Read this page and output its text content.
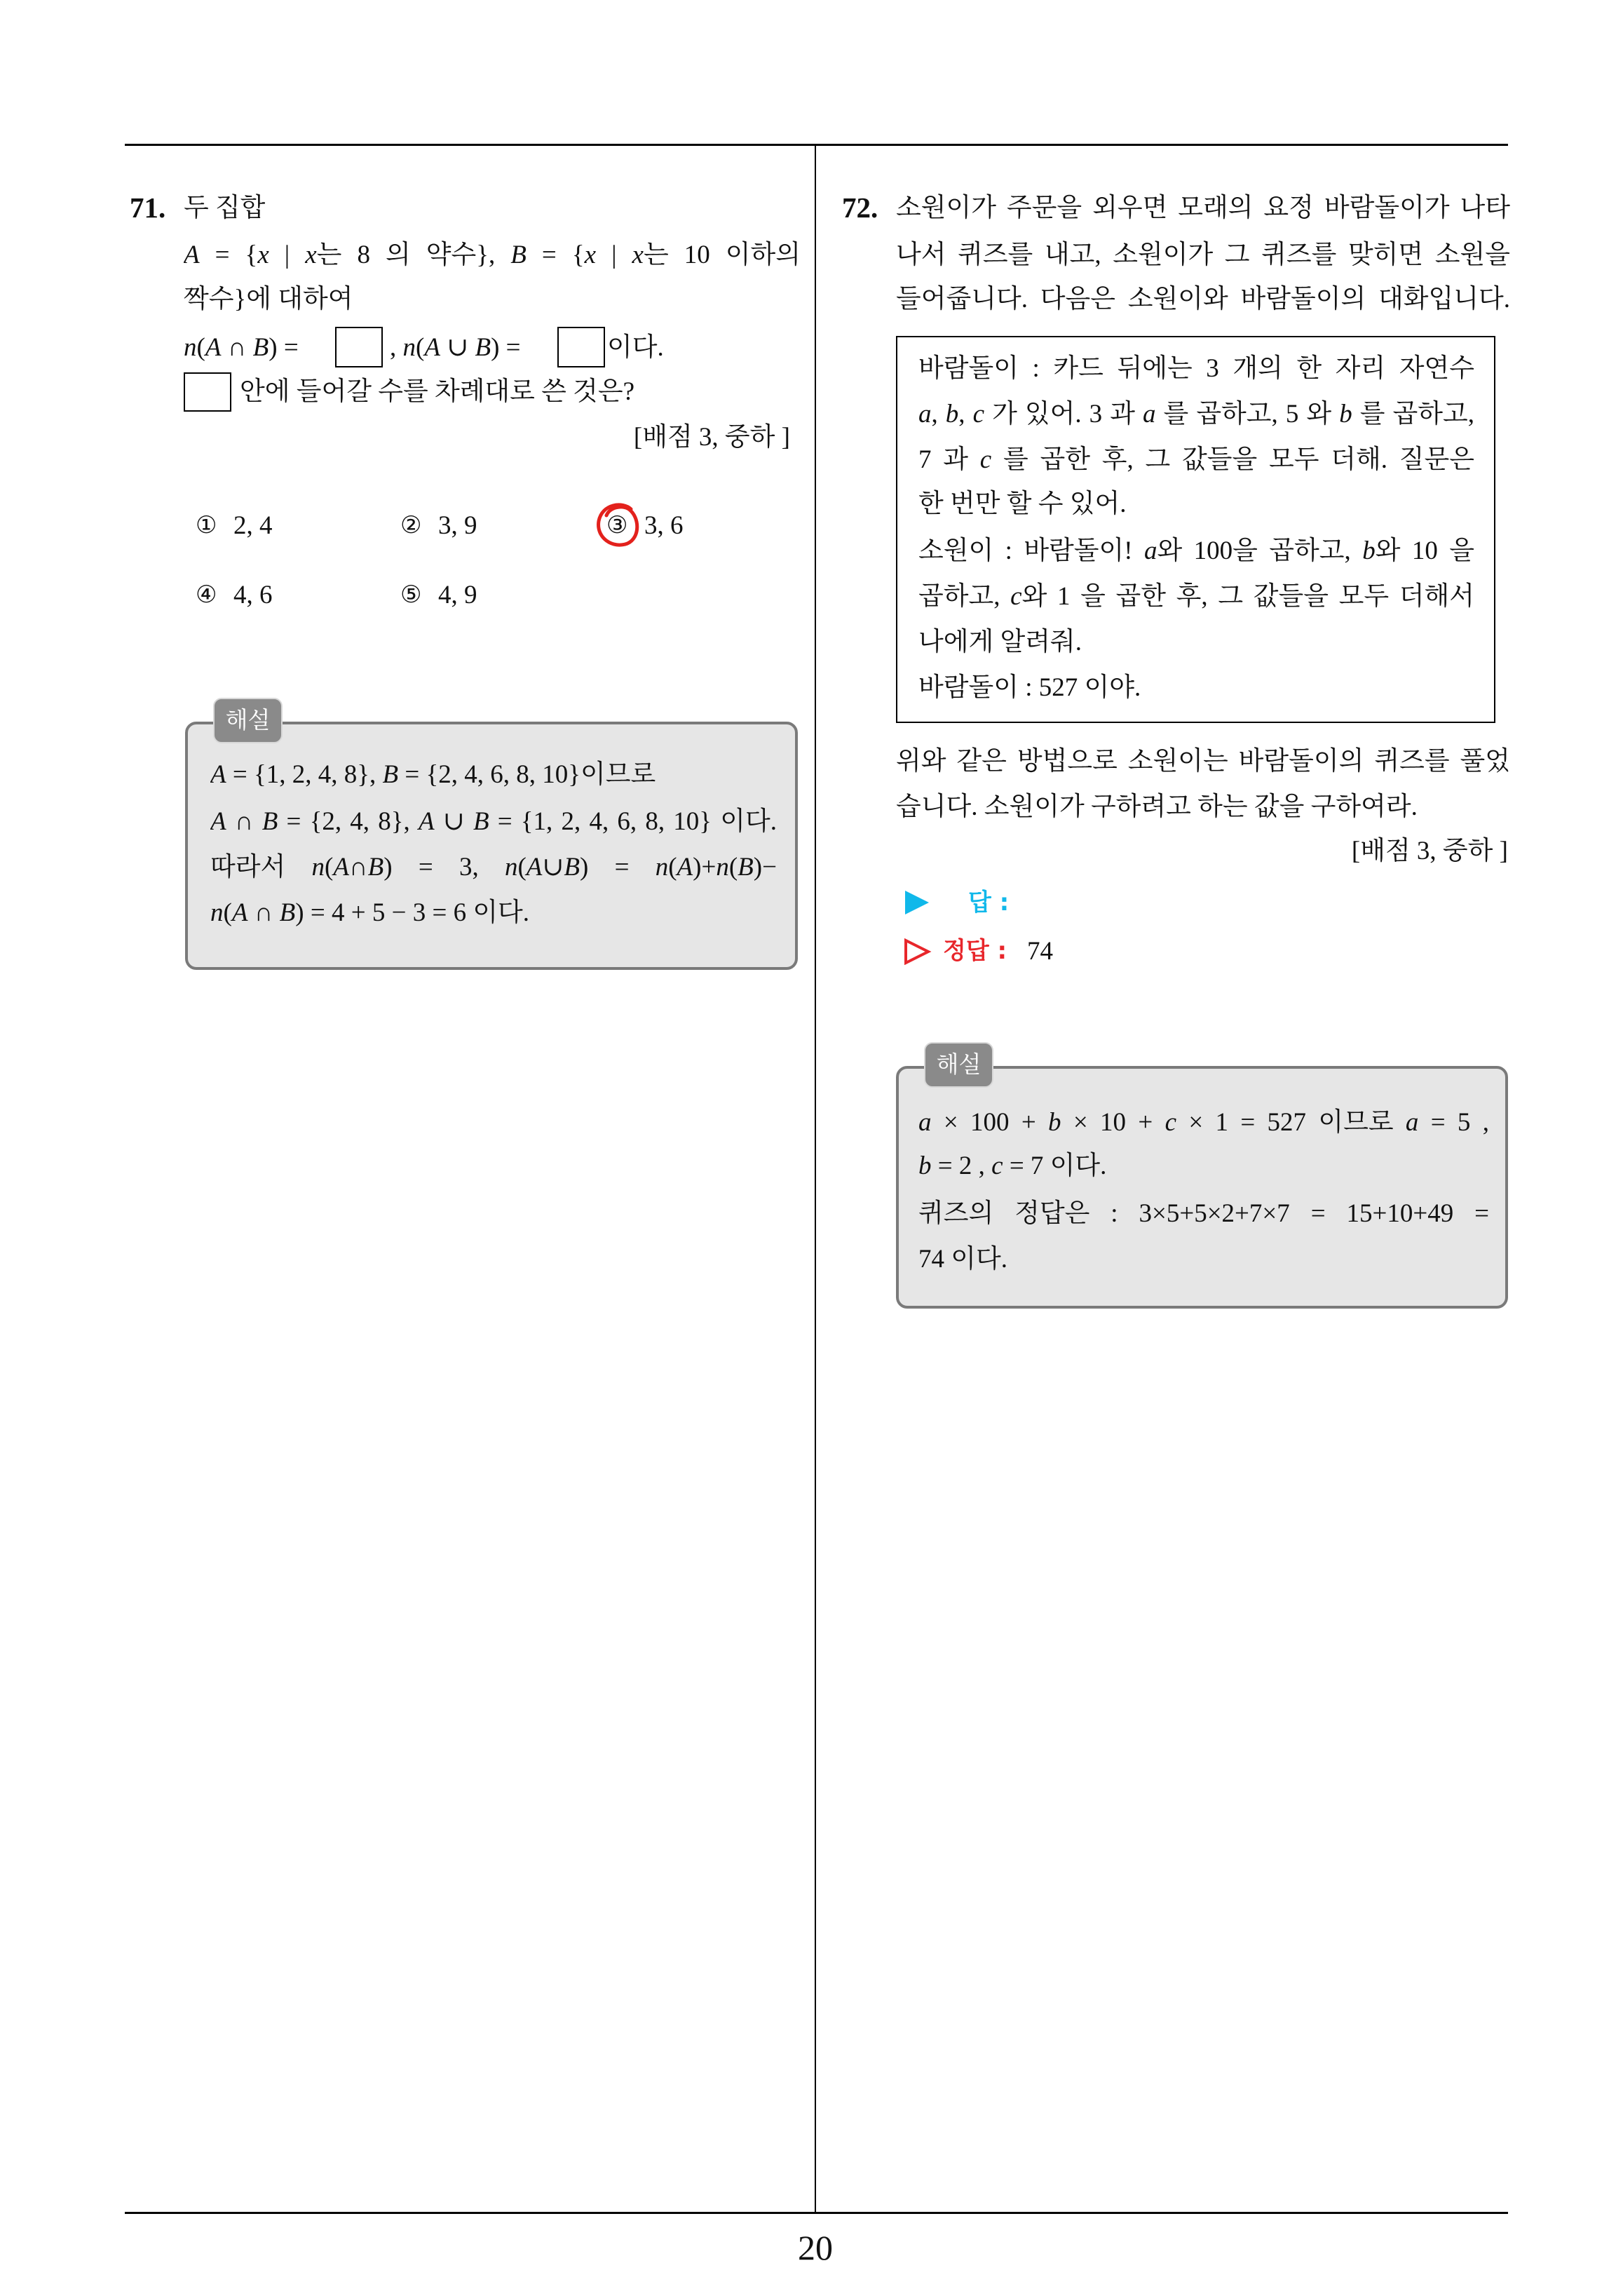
71. 두 집합
A = {x | x는 8 의 약수}, B = {x | x는 10 이하의
짝수}에 대하여
n(A ∩ B) =	, n(A ∪ B) =	이다.
안에 들어갈 수를 차례대로 쓴 것은?
[배점 3, 중하 ]
① 2, 4	② 3, 9	③ 3, 6
④ 4, 6	⑤ 4, 9
해설
A = {1, 2, 4, 8}, B = {2, 4, 6, 8, 10}이므로
A ∩ B = {2, 4, 8}, A ∪ B = {1, 2, 4, 6, 8, 10} 이다.
따라서 n(A∩B) = 3, n(A∪B) = n(A)+n(B)−
n(A ∩ B) = 4 + 5 − 3 = 6 이다.
72. 소원이가 주문을 외우면 모래의 요정 바람돌이가 나타
나서 퀴즈를 내고, 소원이가 그 퀴즈를 맞히면 소원을
들어줍니다. 다음은 소원이와 바람돌이의 대화입니다.
바람돌이 : 카드 뒤에는 3 개의 한 자리 자연수
a, b, c 가 있어. 3 과 a 를 곱하고, 5 와 b 를 곱하고,
7 과 c 를 곱한 후, 그 값들을 모두 더해. 질문은
한 번만 할 수 있어.
소원이 : 바람돌이! a와 100을 곱하고, b와 10 을
곱하고, c와 1 을 곱한 후, 그 값들을 모두 더해서
나에게 알려줘.
바람돌이 : 527 이야.
위와 같은 방법으로 소원이는 바람돌이의 퀴즈를 풀었
습니다. 소원이가 구하려고 하는 값을 구하여라.
[배점 3, 중하 ]
답 :
정답 : 74
해설
a × 100 + b × 10 + c × 1 = 527 이므로 a = 5 ,
b = 2 , c = 7 이다.
퀴즈의 정답은 : 3×5+5×2+7×7 = 15+10+49 =
74 이다.
20
